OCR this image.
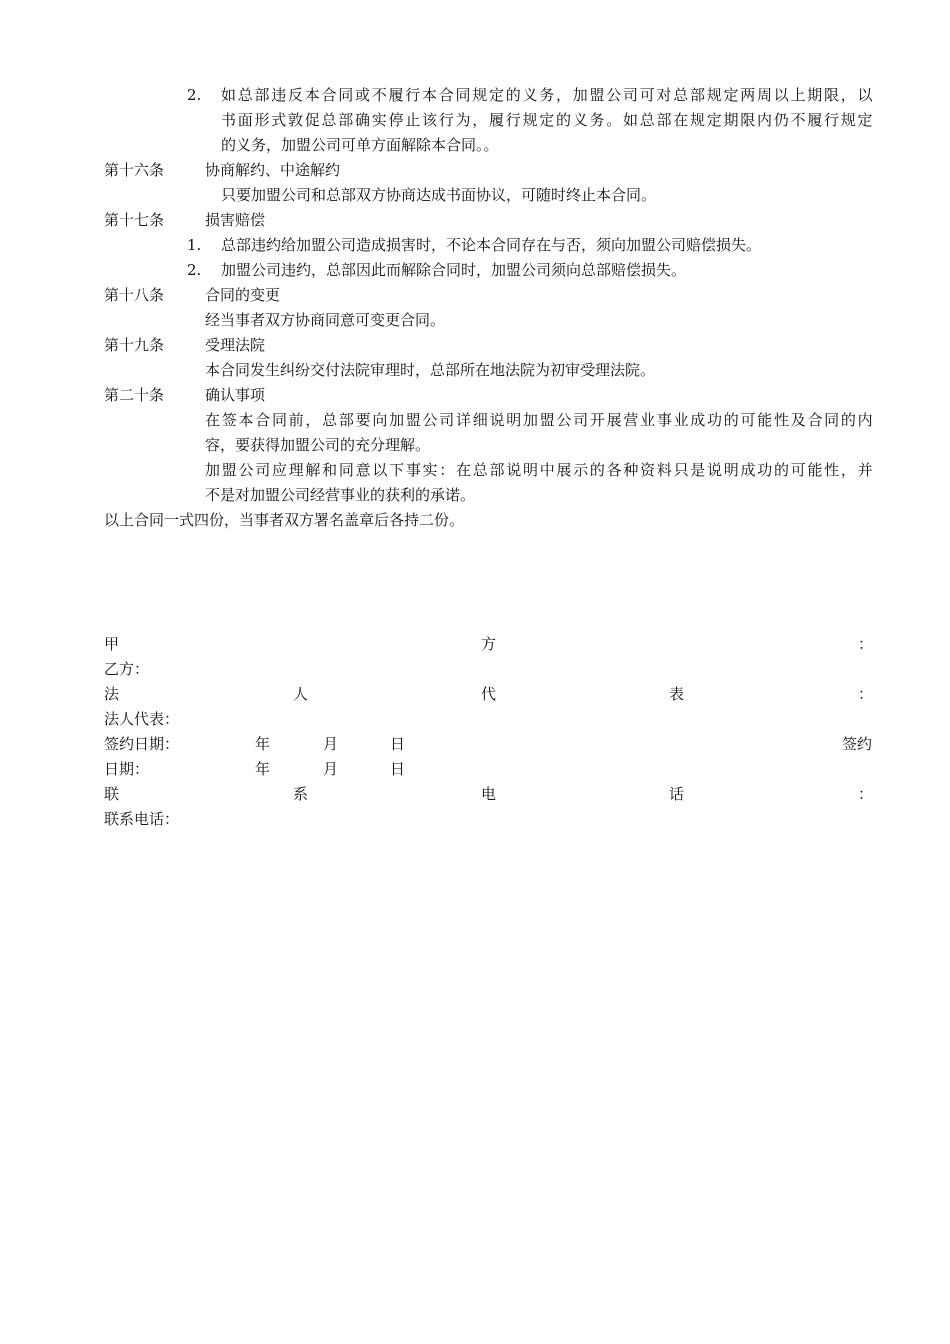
2. 如 总 部 违 反 本 合 同 或 不 履 行 本 合 同 规 定 的 义 务 ， 加 盟 公 司 可 对 总 部 规 定 两 周 以 上 期 限 ， 以
书 面 形 式 敦 促 总 部 确 实 停 止 该 行 为 ， 履 行 规 定 的 义 务 。 如 总 部 在 规 定 期 限 内 仍 不 履 行 规 定
的义务，加盟公司可单方面解除本合同。。
第十六条	协商解约、中途解约
只要加盟公司和总部双方协商达成书面协议，可随时终止本合同。
第十七条	损害赔偿
1. 总部违约给加盟公司造成损害时，不论本合同存在与否，须向加盟公司赔偿损失。
2. 加盟公司违约，总部因此而解除合同时，加盟公司须向总部赔偿损失。
第十八条	合同的变更
经当事者双方协商同意可变更合同。
第十九条	受理法院
本合同发生纠纷交付法院审理时，总部所在地法院为初审受理法院。
第二十条	确认事项
在 签 本 合 同 前 ， 总 部 要 向 加 盟 公 司 详 细 说 明 加 盟 公 司 开 展 营 业 事 业 成 功 的 可 能 性 及 合 同 的 内
容，要获得加盟公司的充分理解。
加 盟 公 司 应 理 解 和 同 意 以 下 事 实 ： 在 总 部 说 明 中 展 示 的 各 种 资 料 只 是 说 明 成 功 的 可 能 性 ， 并
不是对加盟公司经营事业的获利的承诺。
以上合同一式四份，当事者双方署名盖章后各持二份。
甲	方	：
乙方：
法	人	代	表	：
法人代表：
签约日期：	年	月	日	签约
日期：	年	月	日
联	系	电	话	：
联系电话：
